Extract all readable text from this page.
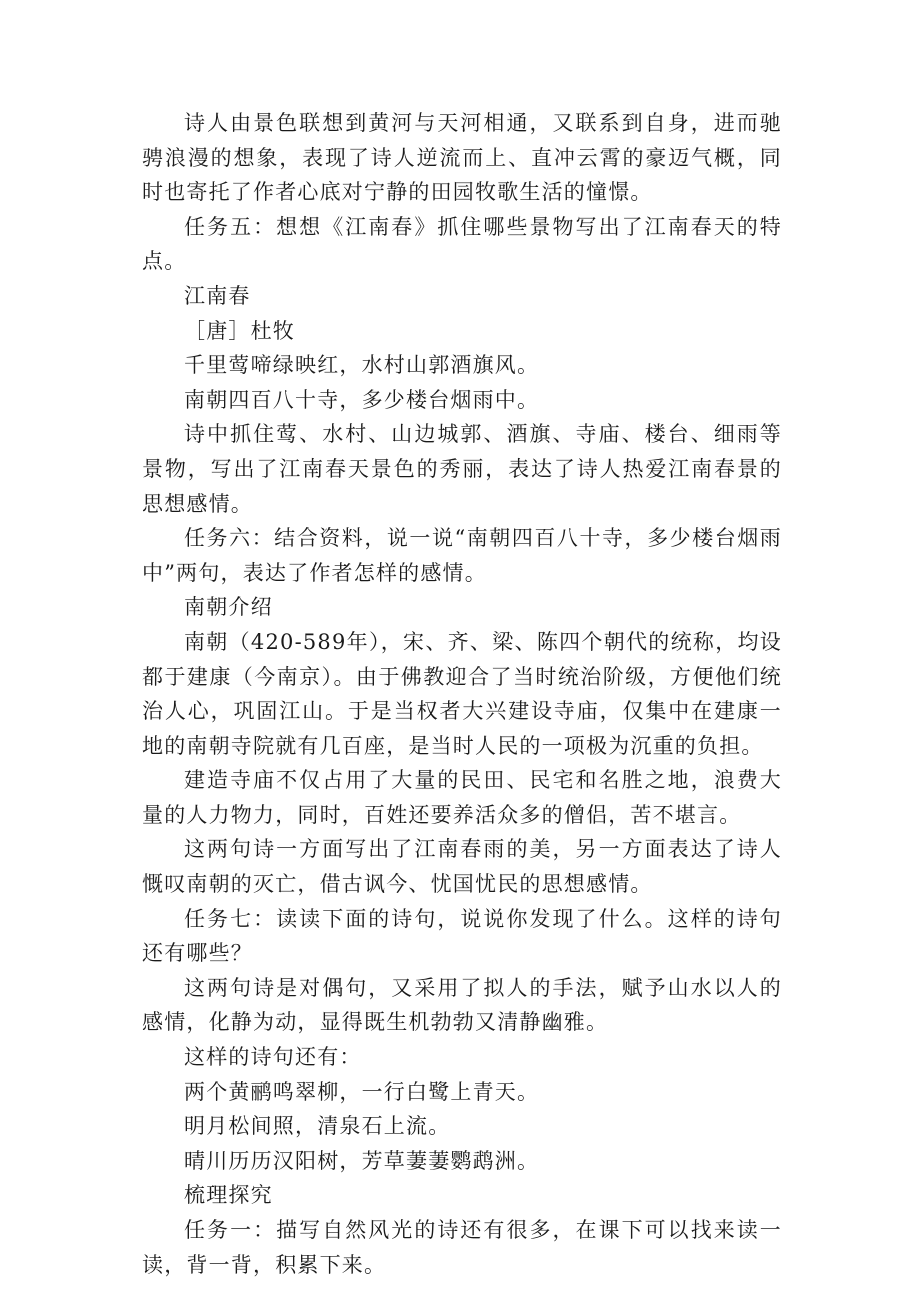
诗人由景色联想到黄河与天河相通，又联系到自身，进而驰骋浪漫的想象，表现了诗人逆流而上、直冲云霄的豪迈气概，同时也寄托了作者心底对宁静的田园牧歌生活的憧憬。

任务五：想想《江南春》抓住哪些景物写出了江南春天的特点。

江南春

［唐］杜牧

千里莺啼绿映红，水村山郭酒旗风。

南朝四百八十寺，多少楼台烟雨中。

诗中抓住莺、水村、山边城郭、酒旗、寺庙、楼台、细雨等景物，写出了江南春天景色的秀丽，表达了诗人热爱江南春景的思想感情。

任务六：结合资料，说一说“南朝四百八十寺，多少楼台烟雨中”两句，表达了作者怎样的感情。

南朝介绍

南朝（420-589年），宋、齐、梁、陈四个朝代的统称，均设都于建康（今南京）。由于佛教迎合了当时统治阶级，方便他们统治人心，巩固江山。于是当权者大兴建设寺庙，仅集中在建康一地的南朝寺院就有几百座，是当时人民的一项极为沉重的负担。

建造寺庙不仅占用了大量的民田、民宅和名胜之地，浪费大量的人力物力，同时，百姓还要养活众多的僧侣，苦不堪言。

这两句诗一方面写出了江南春雨的美，另一方面表达了诗人慨叹南朝的灭亡，借古讽今、忧国忧民的思想感情。

任务七：读读下面的诗句，说说你发现了什么。这样的诗句还有哪些？

这两句诗是对偶句，又采用了拟人的手法，赋予山水以人的感情，化静为动，显得既生机勃勃又清静幽雅。

这样的诗句还有：

两个黄鹂鸣翠柳，一行白鹭上青天。

明月松间照，清泉石上流。

晴川历历汉阳树，芳草萋萋鹦鹉洲。

梳理探究

任务一：描写自然风光的诗还有很多，在课下可以找来读一读，背一背，积累下来。
